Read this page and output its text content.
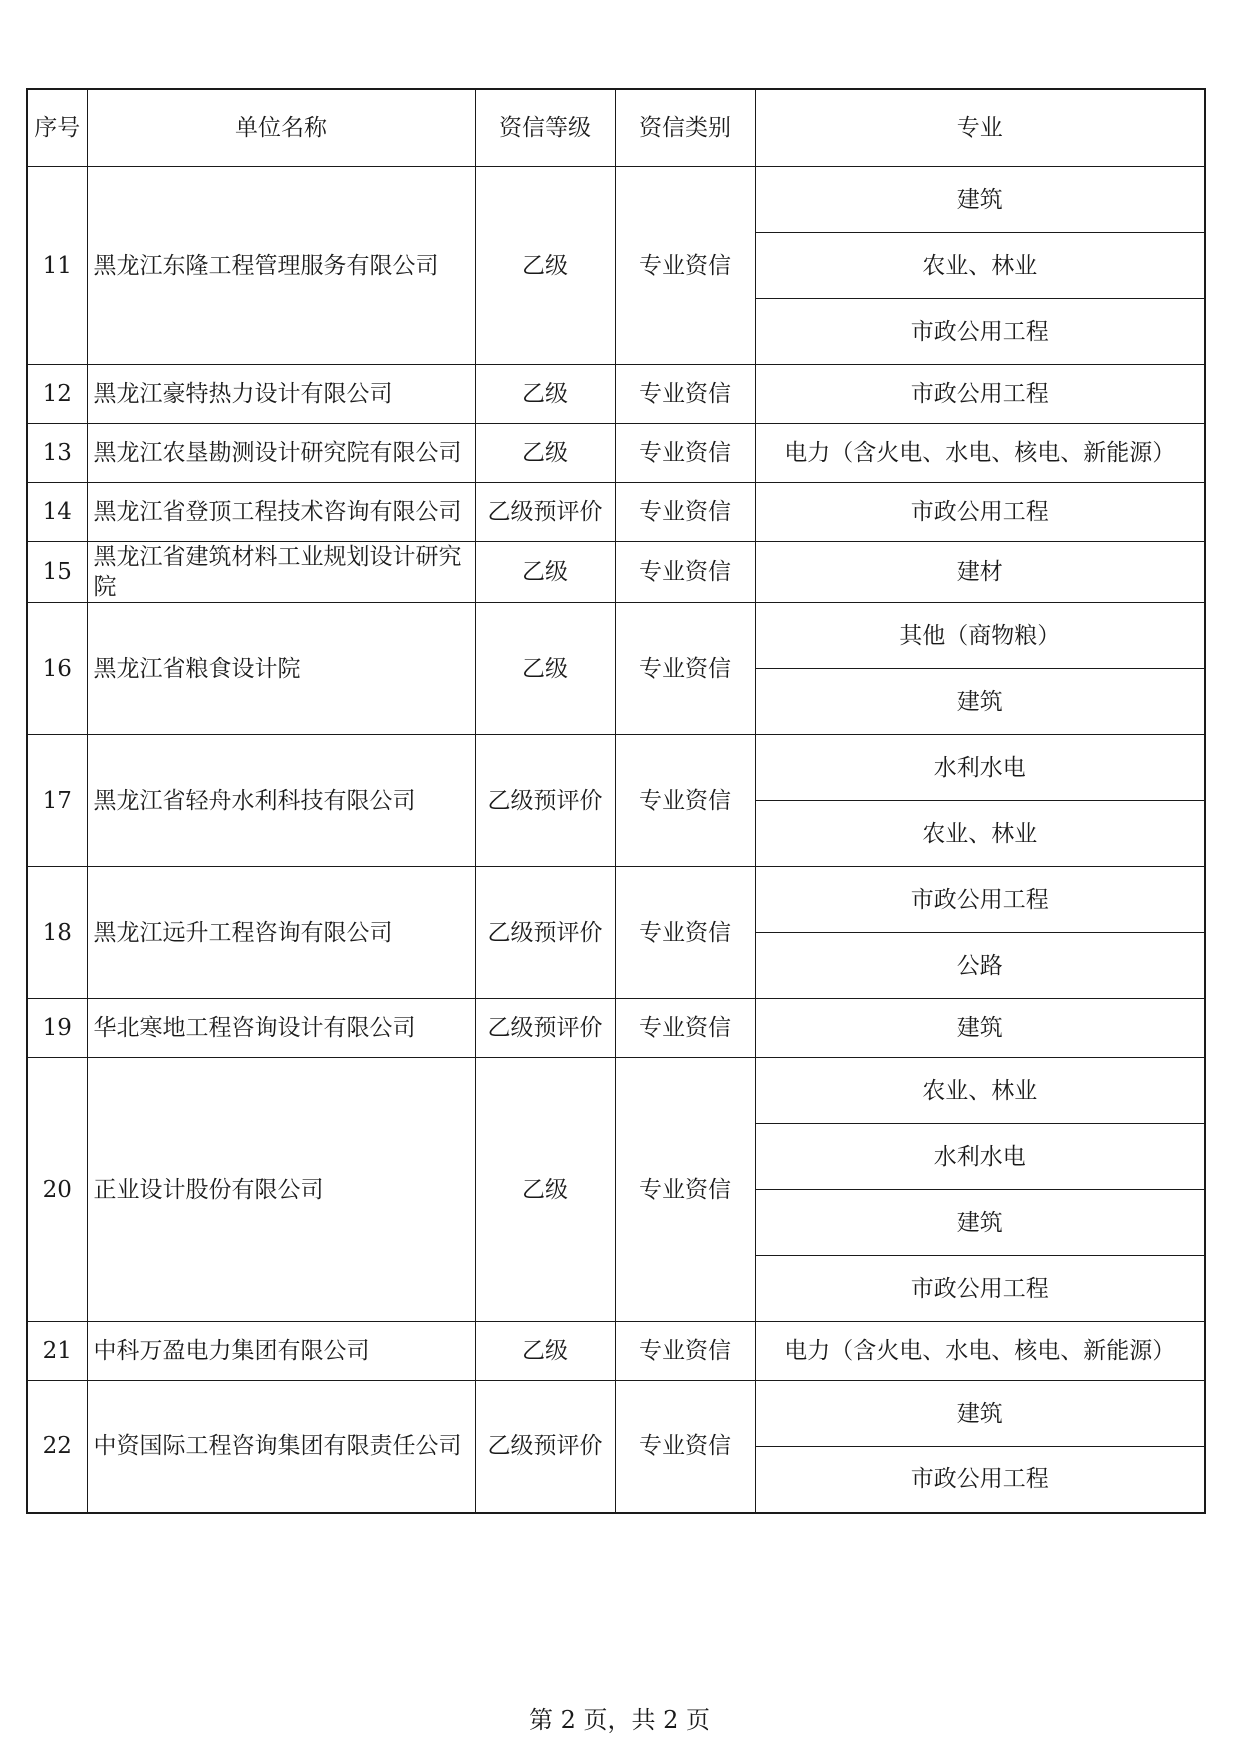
序号	单位名称	资信等级	资信类别	专业
11	黑龙江东隆工程管理服务有限公司	乙级	专业资信	建筑
				农业、林业
				市政公用工程
12	黑龙江豪特热力设计有限公司	乙级	专业资信	市政公用工程
13	黑龙江农垦勘测设计研究院有限公司	乙级	专业资信	电力（含火电、水电、核电、新能源）
14	黑龙江省登顶工程技术咨询有限公司	乙级预评价	专业资信	市政公用工程
15	黑龙江省建筑材料工业规划设计研究院	乙级	专业资信	建材
16	黑龙江省粮食设计院	乙级	专业资信	其他（商物粮）
				建筑
17	黑龙江省轻舟水利科技有限公司	乙级预评价	专业资信	水利水电
				农业、林业
18	黑龙江远升工程咨询有限公司	乙级预评价	专业资信	市政公用工程
				公路
19	华北寒地工程咨询设计有限公司	乙级预评价	专业资信	建筑
20	正业设计股份有限公司	乙级	专业资信	农业、林业
				水利水电
				建筑
				市政公用工程
21	中科万盈电力集团有限公司	乙级	专业资信	电力（含火电、水电、核电、新能源）
22	中资国际工程咨询集团有限责任公司	乙级预评价	专业资信	建筑
				市政公用工程
第 2 页，共 2 页
